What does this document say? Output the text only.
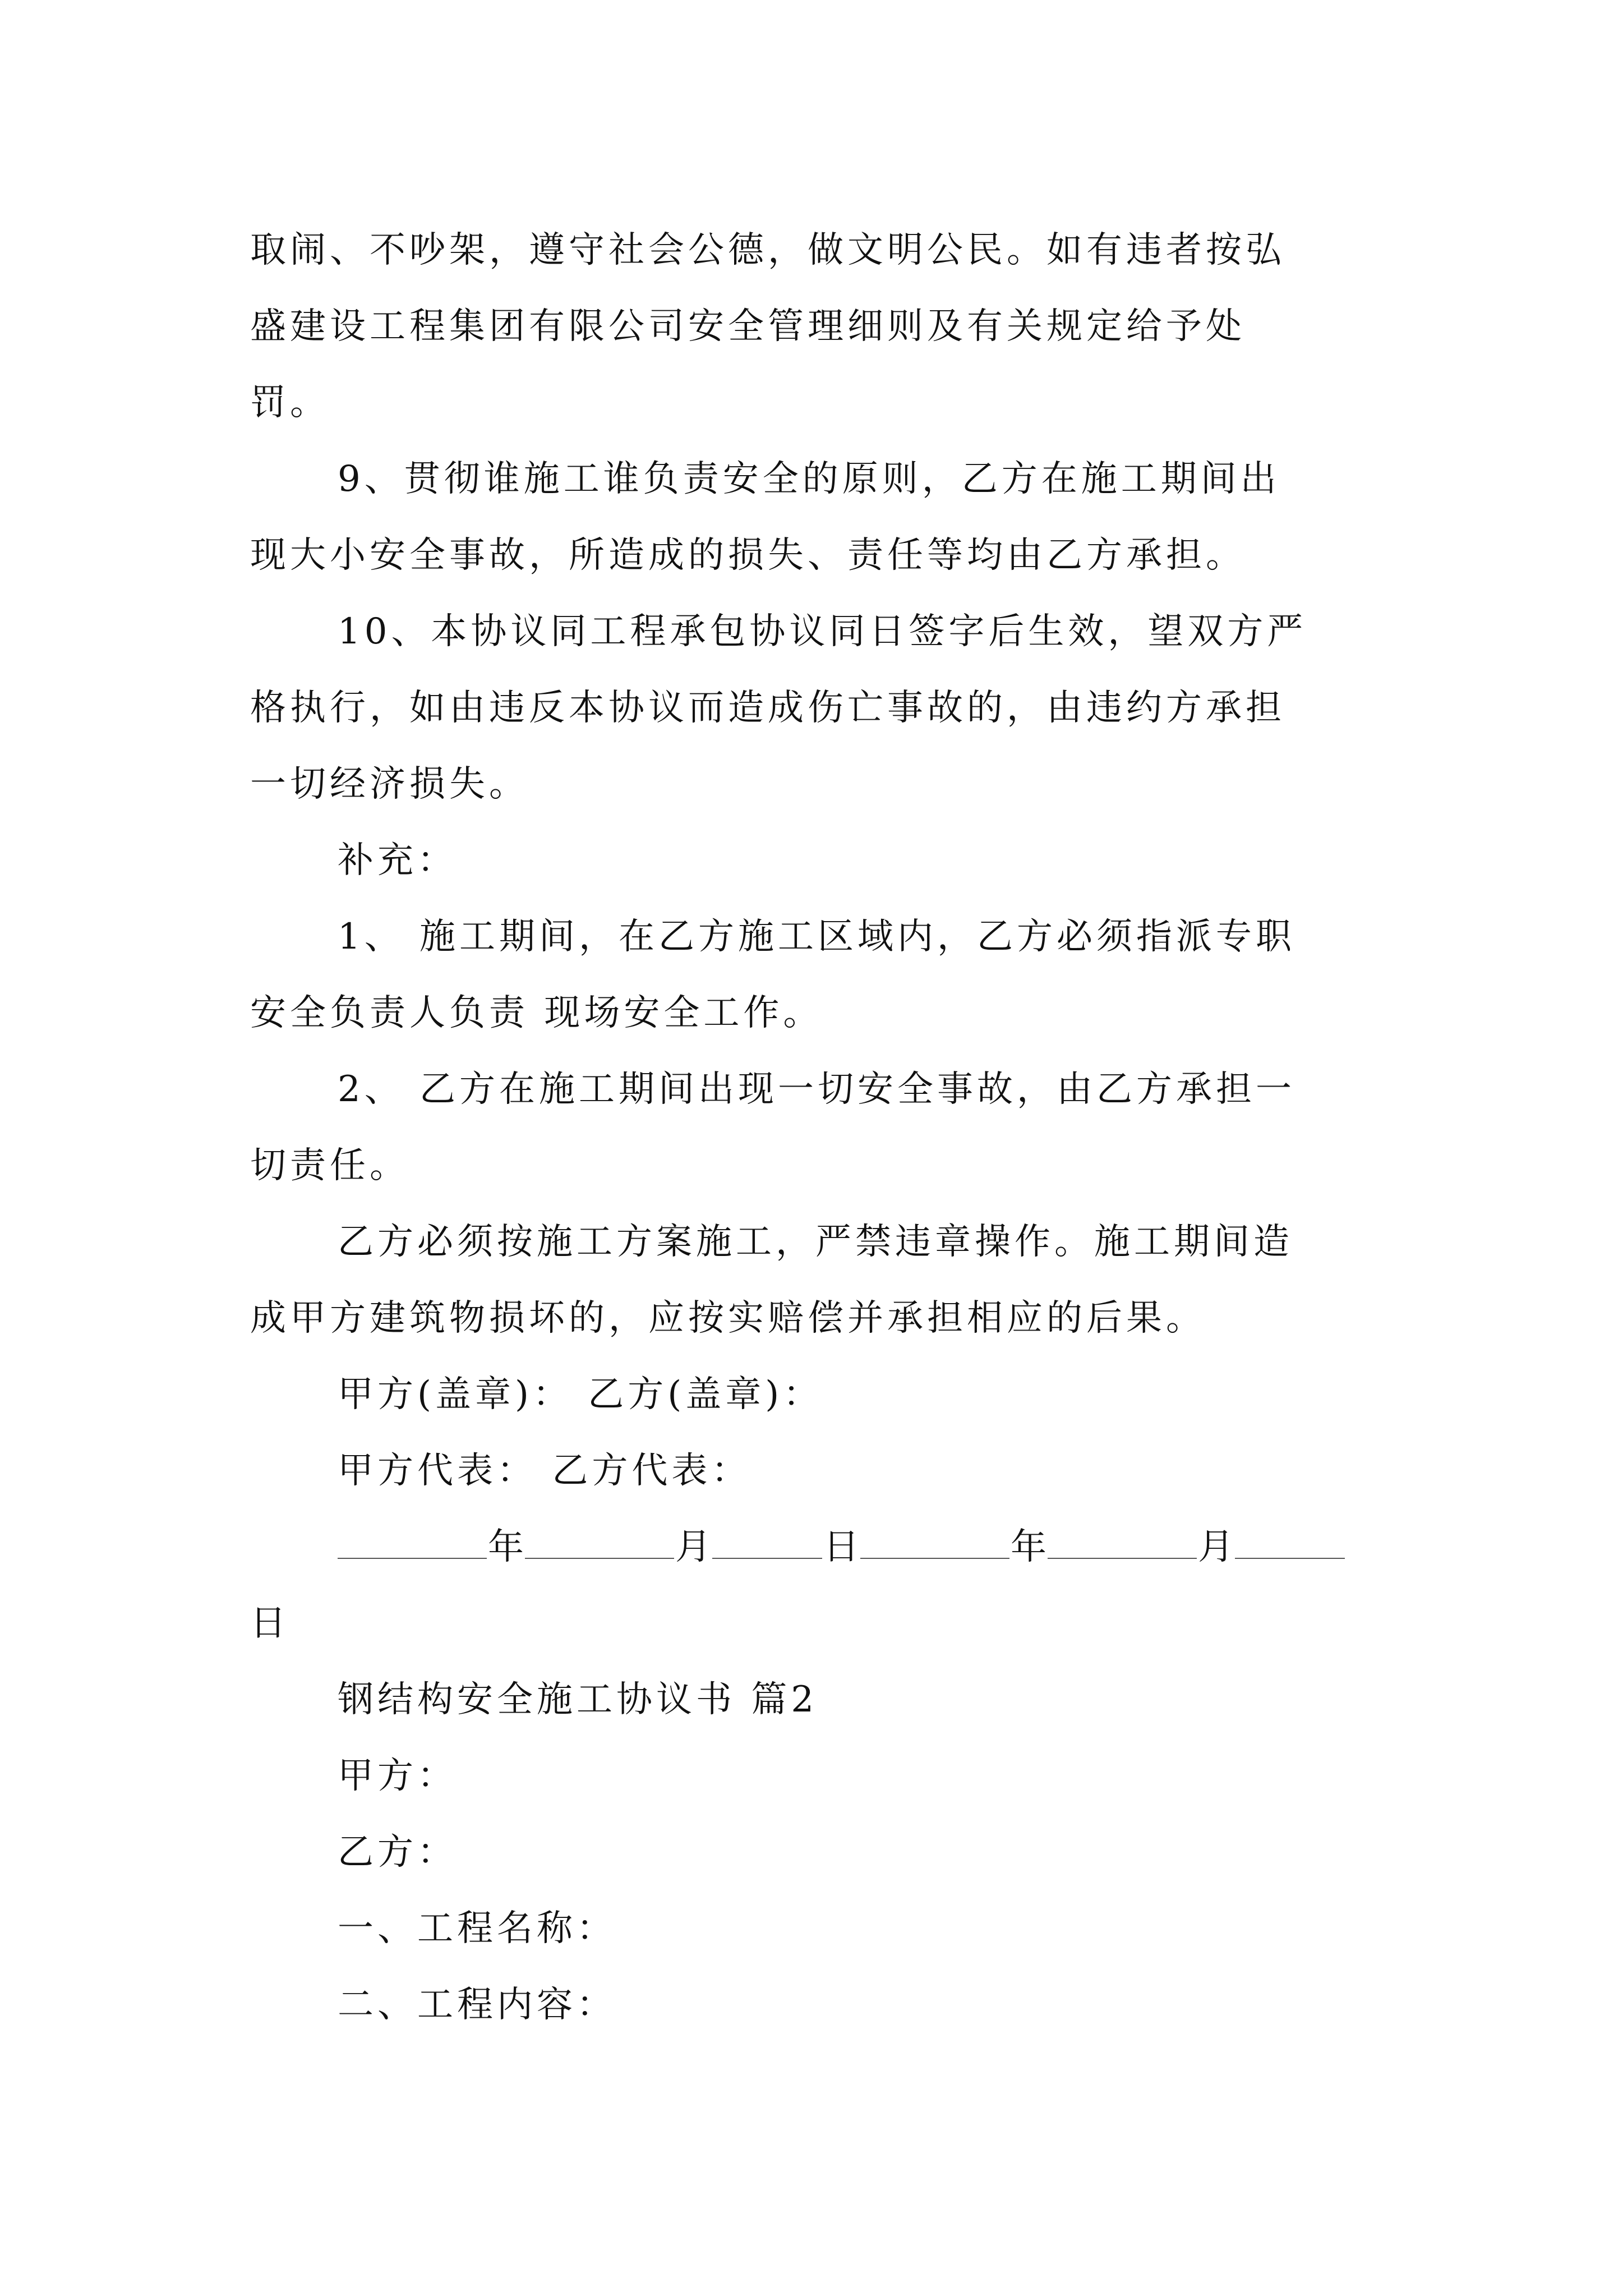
取闹、不吵架，遵守社会公德，做文明公民。如有违者按弘
盛建设工程集团有限公司安全管理细则及有关规定给予处
罚。
9、贯彻谁施工谁负责安全的原则，乙方在施工期间出
现大小安全事故，所造成的损失、责任等均由乙方承担。
10、本协议同工程承包协议同日签字后生效，望双方严
格执行，如由违反本协议而造成伤亡事故的，由违约方承担
一切经济损失。
补充：
1、 施工期间，在乙方施工区域内，乙方必须指派专职
安全负责人负责 现场安全工作。
2、 乙方在施工期间出现一切安全事故，由乙方承担一
切责任。
乙方必须按施工方案施工，严禁违章操作。施工期间造
成甲方建筑物损坏的，应按实赔偿并承担相应的后果。
甲方(盖章)： 乙方(盖章)：
甲方代表： 乙方代表：
年	月	日	年	月
日
钢结构安全施工协议书 篇2
甲方：
乙方：
一、工程名称：
二、工程内容：
